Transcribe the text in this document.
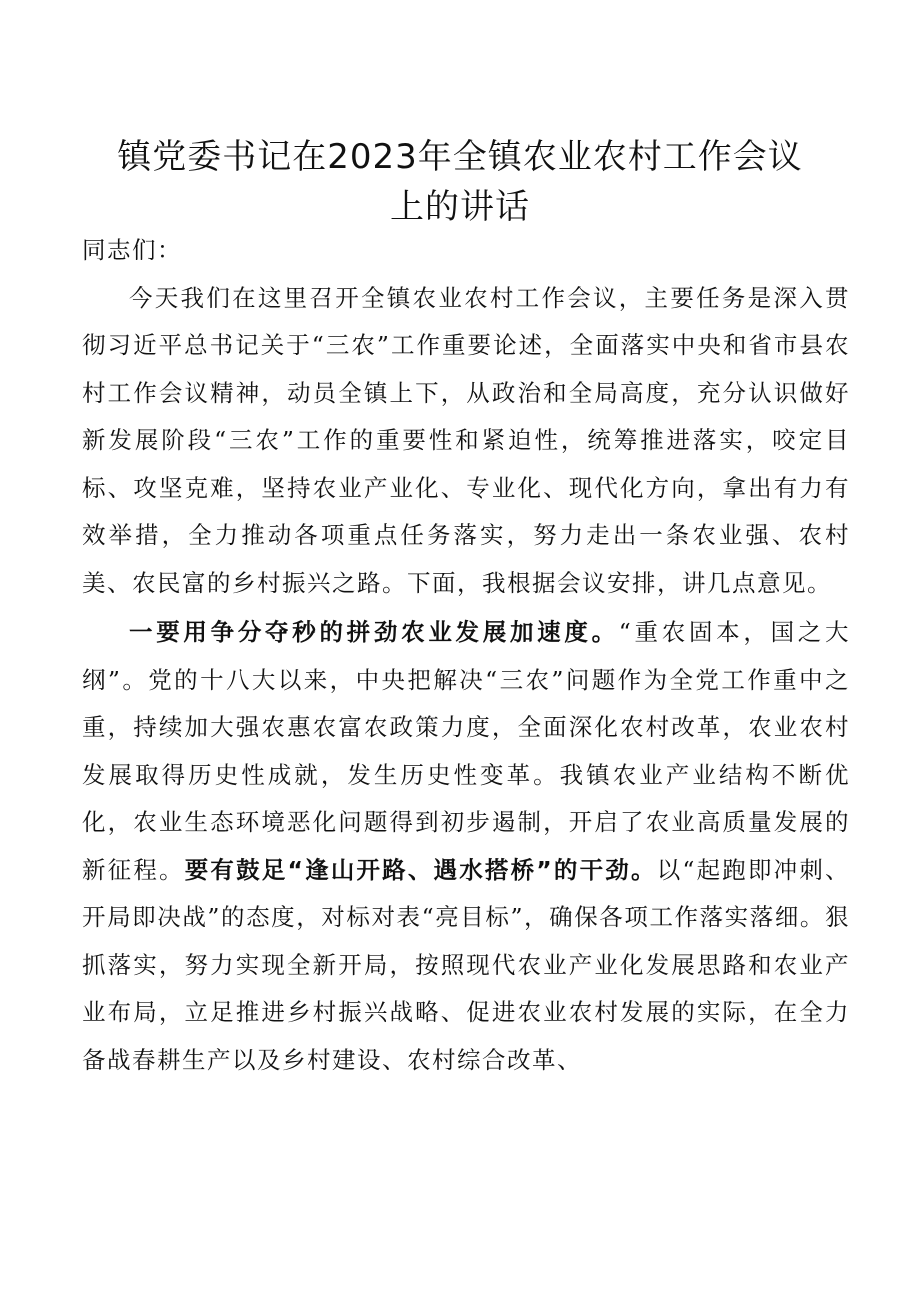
镇党委书记在2023年全镇农业农村工作会议
上的讲话

同志们：

今天我们在这里召开全镇农业农村工作会议，主要任务是深入贯彻习近平总书记关于“三农”工作重要论述，全面落实中央和省市县农村工作会议精神，动员全镇上下，从政治和全局高度，充分认识做好新发展阶段“三农”工作的重要性和紧迫性，统筹推进落实，咬定目标、攻坚克难，坚持农业产业化、专业化、现代化方向，拿出有力有效举措，全力推动各项重点任务落实，努力走出一条农业强、农村美、农民富的乡村振兴之路。下面，我根据会议安排，讲几点意见。

一要用争分夺秒的拼劲农业发展加速度。“重农固本，国之大纲”。党的十八大以来，中央把解决“三农”问题作为全党工作重中之重，持续加大强农惠农富农政策力度，全面深化农村改革，农业农村发展取得历史性成就，发生历史性变革。我镇农业产业结构不断优化，农业生态环境恶化问题得到初步遏制，开启了农业高质量发展的新征程。要有鼓足“逢山开路、遇水搭桥”的干劲。以“起跑即冲刺、开局即决战”的态度，对标对表“亮目标”，确保各项工作落实落细。狠抓落实，努力实现全新开局，按照现代农业产业化发展思路和农业产业布局，立足推进乡村振兴战略、促进农业农村发展的实际，在全力备战春耕生产以及乡村建设、农村综合改革、
